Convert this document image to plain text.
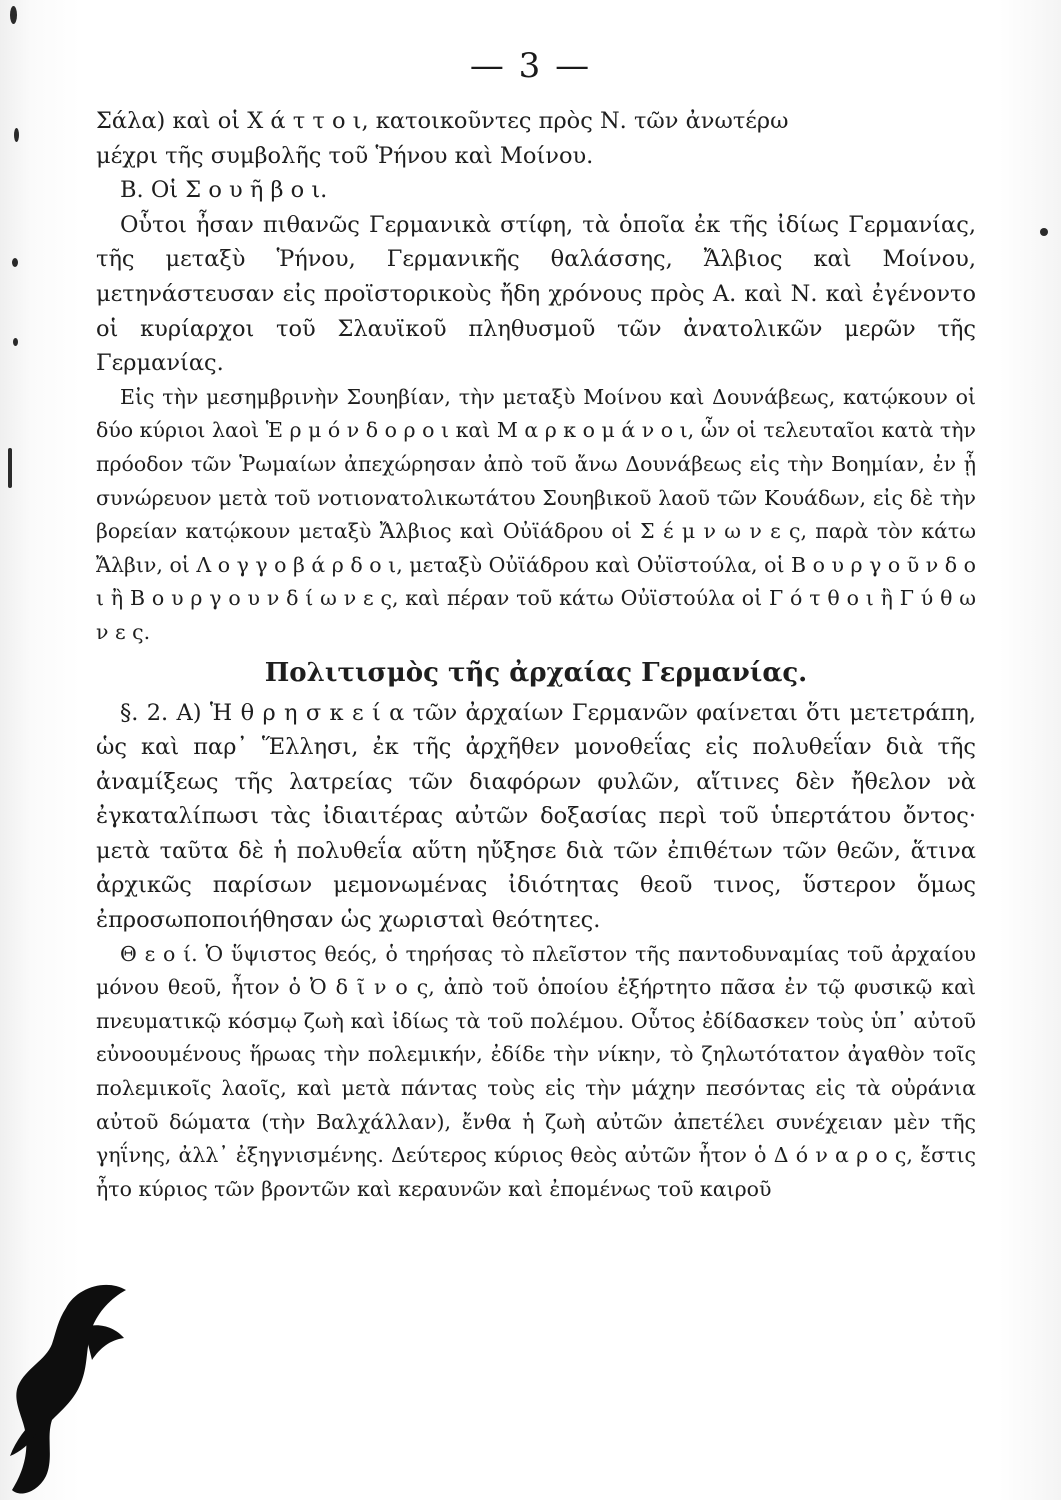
— 3 —

Σάλα) καὶ οἱ Χ ά τ τ ο ι, κατοικοῦντες πρὸς Ν. τῶν ἀνωτέρω

μέχρι τῆς συμβολῆς τοῦ Ῥήνου καὶ Μοίνου.

Β. Οἱ Σ ο υ ῆ β ο ι.

Οὗτοι ἦσαν πιθανῶς Γερμανικὰ στίφη, τὰ ὁποῖα ἐκ τῆς ἰδίως Γερμανίας, τῆς μεταξὺ Ῥήνου, Γερμανικῆς θαλάσσης, Ἄλβιος καὶ Μοίνου, μετηνάστευσαν εἰς προϊστορικοὺς ἤδη χρόνους πρὸς Α. καὶ Ν. καὶ ἐγένοντο οἱ κυρίαρχοι τοῦ Σλαυϊκοῦ πληθυσμοῦ τῶν ἀνατολικῶν μερῶν τῆς Γερμανίας.

Εἰς τὴν μεσημβρινὴν Σουηβίαν, τὴν μεταξὺ Μοίνου καὶ Δουνάβεως, κατῴκουν οἱ δύο κύριοι λαοὶ Ἑ ρ μ ό ν δ ο ρ ο ι καὶ Μ α ρ κ ο μ ά ν ο ι, ὧν οἱ τελευταῖοι κατὰ τὴν πρόοδον τῶν Ῥωμαίων ἀπεχώρησαν ἀπὸ τοῦ ἄνω Δουνάβεως εἰς τὴν Βοημίαν, ἐν ᾗ συνώρευον μετὰ τοῦ νοτιονατολικωτάτου Σουηβικοῦ λαοῦ τῶν Κουάδων, εἰς δὲ τὴν βορείαν κατῴκουν μεταξὺ Ἄλβιος καὶ Οὐϊάδρου οἱ Σ έ μ ν ω ν ε ς, παρὰ τὸν κάτω Ἄλβιν, οἱ Λ ο γ γ ο β ά ρ δ ο ι, μεταξὺ Οὐϊάδρου καὶ Οὐϊστούλα, οἱ Β ο υ ρ γ ο ῦ ν δ ο ι ἢ Β ο υ ρ γ ο υ ν δ ί ω ν ε ς, καὶ πέραν τοῦ κάτω Οὐϊστούλα οἱ Γ ό τ θ ο ι ἢ Γ ύ θ ω ν ε ς.

Πολιτισμὸς τῆς ἀρχαίας Γερμανίας.

§. 2. Α) Ἡ θ ρ η σ κ ε ί α τῶν ἀρχαίων Γερμανῶν φαίνεται ὅτι μετετράπη, ὡς καὶ παρ᾽ Ἕλλησι, ἐκ τῆς ἀρχῆθεν μονοθεΐας εἰς πολυθεΐαν διὰ τῆς ἀναμίξεως τῆς λατρείας τῶν διαφόρων φυλῶν, αἵτινες δὲν ἤθελον νὰ ἐγκαταλίπωσι τὰς ἰδιαιτέρας αὐτῶν δοξασίας περὶ τοῦ ὑπερτάτου ὄντος· μετὰ ταῦτα δὲ ἡ πολυθεΐα αὕτη ηὔξησε διὰ τῶν ἐπιθέτων τῶν θεῶν, ἅτινα ἀρχικῶς παρίσων μεμονωμένας ἰδιότητας θεοῦ τινος, ὕστερον ὅμως ἐπροσωποποιήθησαν ὡς χωρισταὶ θεότητες.

Θ ε ο ί. Ὁ ὕψιστος θεός, ὁ τηρήσας τὸ πλεῖστον τῆς παντοδυναμίας τοῦ ἀρχαίου μόνου θεοῦ, ἦτον ὁ Ὀ δ ῖ ν ο ς, ἀπὸ τοῦ ὁποίου ἐξήρτητο πᾶσα ἐν τῷ φυσικῷ καὶ πνευματικῷ κόσμῳ ζωὴ καὶ ἰδίως τὰ τοῦ πολέμου. Οὗτος ἐδίδασκεν τοὺς ὑπ᾽ αὐτοῦ εὐνοουμένους ἥρωας τὴν πολεμικήν, ἐδίδε τὴν νίκην, τὸ ζηλωτότατον ἀγαθὸν τοῖς πολεμικοῖς λαοῖς, καὶ μετὰ πάντας τοὺς εἰς τὴν μάχην πεσόντας εἰς τὰ οὐράνια αὐτοῦ δώματα (τὴν Βαλχάλλαν), ἔνθα ἡ ζωὴ αὐτῶν ἀπετέλει συνέχειαν μὲν τῆς γηΐνης, ἀλλ᾽ ἐξηγνισμένης. Δεύτερος κύριος θεὸς αὐτῶν ἦτον ὁ Δ ό ν α ρ ο ς, ἔστις ἦτο κύριος τῶν βροντῶν καὶ κεραυνῶν καὶ ἐπομένως τοῦ καιροῦ
